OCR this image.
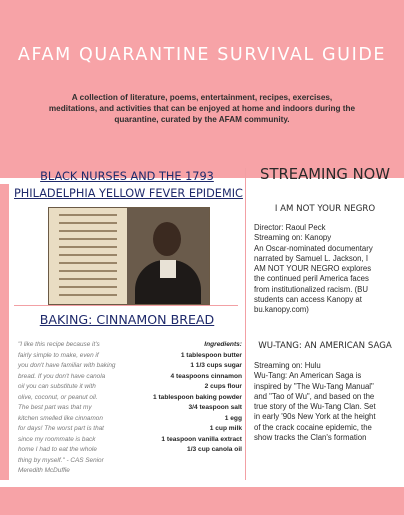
AFAM QUARANTINE SURVIVAL GUIDE
A collection of literature, poems, entertainment, recipes, exercises,
meditations, and activities that can be enjoyed at home and indoors during the
quarantine, curated by the AFAM community.
BLACK NURSES AND THE 1793
PHILADELPHIA YELLOW FEVER EPIDEMIC
BAKING: CINNAMON BREAD
"I like this recipe because it's
fairly simple to make, even if
you don't have familiar with baking
bread. If you don't have canola
oil you can substitute it with
olive, coconut, or peanut oil.
The best part was that my
kitchen smelled like cinnamon
for days! The worst part is that
since my roommate is back
home I had to eat the whole
thing by myself." - CAS Senior
Meredith McDuffie
Ingredients:
1 tablespoon butter
1 1/3 cups sugar
4 teaspoons cinnamon
2 cups flour
1 tablespoon baking powder
3/4 teaspoon salt
1 egg
1 cup milk
1 teaspoon vanilla extract
1/3 cup canola oil
STREAMING NOW
I AM NOT YOUR NEGRO
Director: Raoul Peck
Streaming on: Kanopy
An Oscar-nominated documentary
narrated by Samuel L. Jackson, I
AM NOT YOUR NEGRO explores
the continued peril America faces
from institutionalized racism. (BU
students can access Kanopy at
bu.kanopy.com)
WU-TANG: AN AMERICAN SAGA
Streaming on: Hulu
Wu-Tang: An American Saga is
inspired by "The Wu-Tang Manual"
and "Tao of Wu", and based on the
true story of the Wu-Tang Clan. Set
in early '90s New York at the height
of the crack cocaine epidemic, the
show tracks the Clan's formation
